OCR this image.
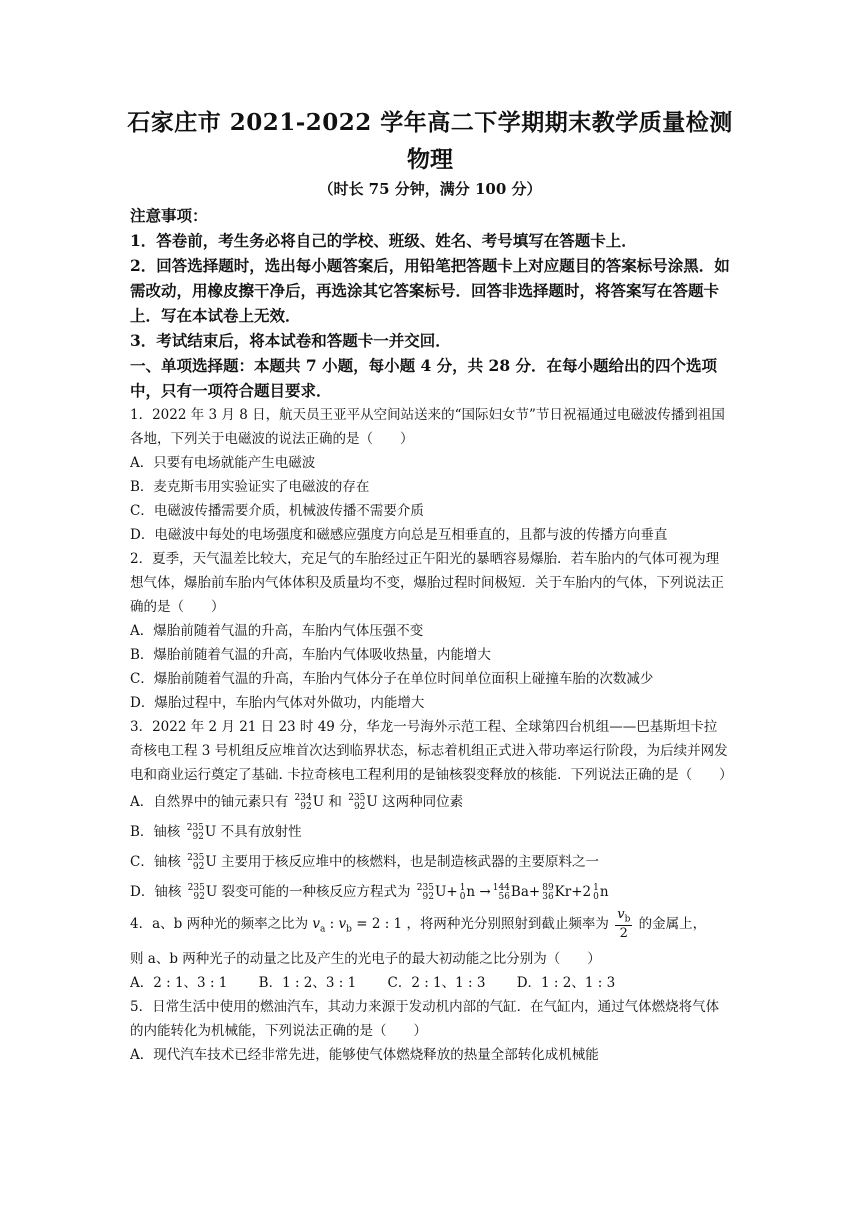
石家庄市 2021-2022 学年高二下学期期末教学质量检测
物理
（时长 75 分钟，满分 100 分）

注意事项：

1．答卷前，考生务必将自己的学校、班级、姓名、考号填写在答题卡上．

2．回答选择题时，选出每小题答案后，用铅笔把答题卡上对应题目的答案标号涂黑．如需改动，用橡皮擦干净后，再选涂其它答案标号．回答非选择题时，将答案写在答题卡上．写在本试卷上无效．

3．考试结束后，将本试卷和答题卡一并交回．

一、单项选择题：本题共 7 小题，每小题 4 分，共 28 分．在每小题给出的四个选项中，只有一项符合题目要求．

1．2022 年 3 月 8 日，航天员王亚平从空间站送来的“国际妇女节”节日祝福通过电磁波传播到祖国各地，下列关于电磁波的说法正确的是（　　）

A．只要有电场就能产生电磁波

B．麦克斯韦用实验证实了电磁波的存在

C．电磁波传播需要介质，机械波传播不需要介质

D．电磁波中每处的电场强度和磁感应强度方向总是互相垂直的，且都与波的传播方向垂直

2．夏季，天气温差比较大，充足气的车胎经过正午阳光的暴晒容易爆胎．若车胎内的气体可视为理想气体，爆胎前车胎内气体体积及质量均不变，爆胎过程时间极短．关于车胎内的气体，下列说法正确的是（　　）

A．爆胎前随着气温的升高，车胎内气体压强不变

B．爆胎前随着气温的升高，车胎内气体吸收热量，内能增大

C．爆胎前随着气温的升高，车胎内气体分子在单位时间单位面积上碰撞车胎的次数减少

D．爆胎过程中，车胎内气体对外做功，内能增大

3．2022 年 2 月 21 日 23 时 49 分，华龙一号海外示范工程、全球第四台机组——巴基斯坦卡拉奇核电工程 3 号机组反应堆首次达到临界状态，标志着机组正式进入带功率运行阶段，为后续并网发电和商业运行奠定了基础. 卡拉奇核电工程利用的是铀核裂变释放的核能．下列说法正确的是（　　）

A．自然界中的铀元素只有 234
92 U 和 235
92 U 这两种同位素

B．铀核 235
92 U 不具有放射性

C．铀核 235
92 U 主要用于核反应堆中的核燃料，也是制造核武器的主要原料之一

D．铀核 235
92 U 裂变可能的一种核反应方程式为 235
92 U+ 1
0 n → 144
56 Ba+ 89
36 Kr+2 1
0 n

4．a、b 两种光的频率之比为 $v_a$ : $v_b = 2$ : 1 ，将两种光分别照射到截止频率为 $\frac{v_b}{2}$ 的金属上，

则 a、b 两种光子的动量之比及产生的光电子的最大初动能之比分别为（　　）

A．2 : 1、3 : 1　　 B．1 : 2、3 : 1　　 C．2 : 1、1 : 3　　 D．1 : 2、1 : 3

5．日常生活中使用的燃油汽车，其动力来源于发动机内部的气缸．在气缸内，通过气体燃烧将气体的内能转化为机械能，下列说法正确的是（　　）

A．现代汽车技术已经非常先进，能够使气体燃烧释放的热量全部转化成机械能
